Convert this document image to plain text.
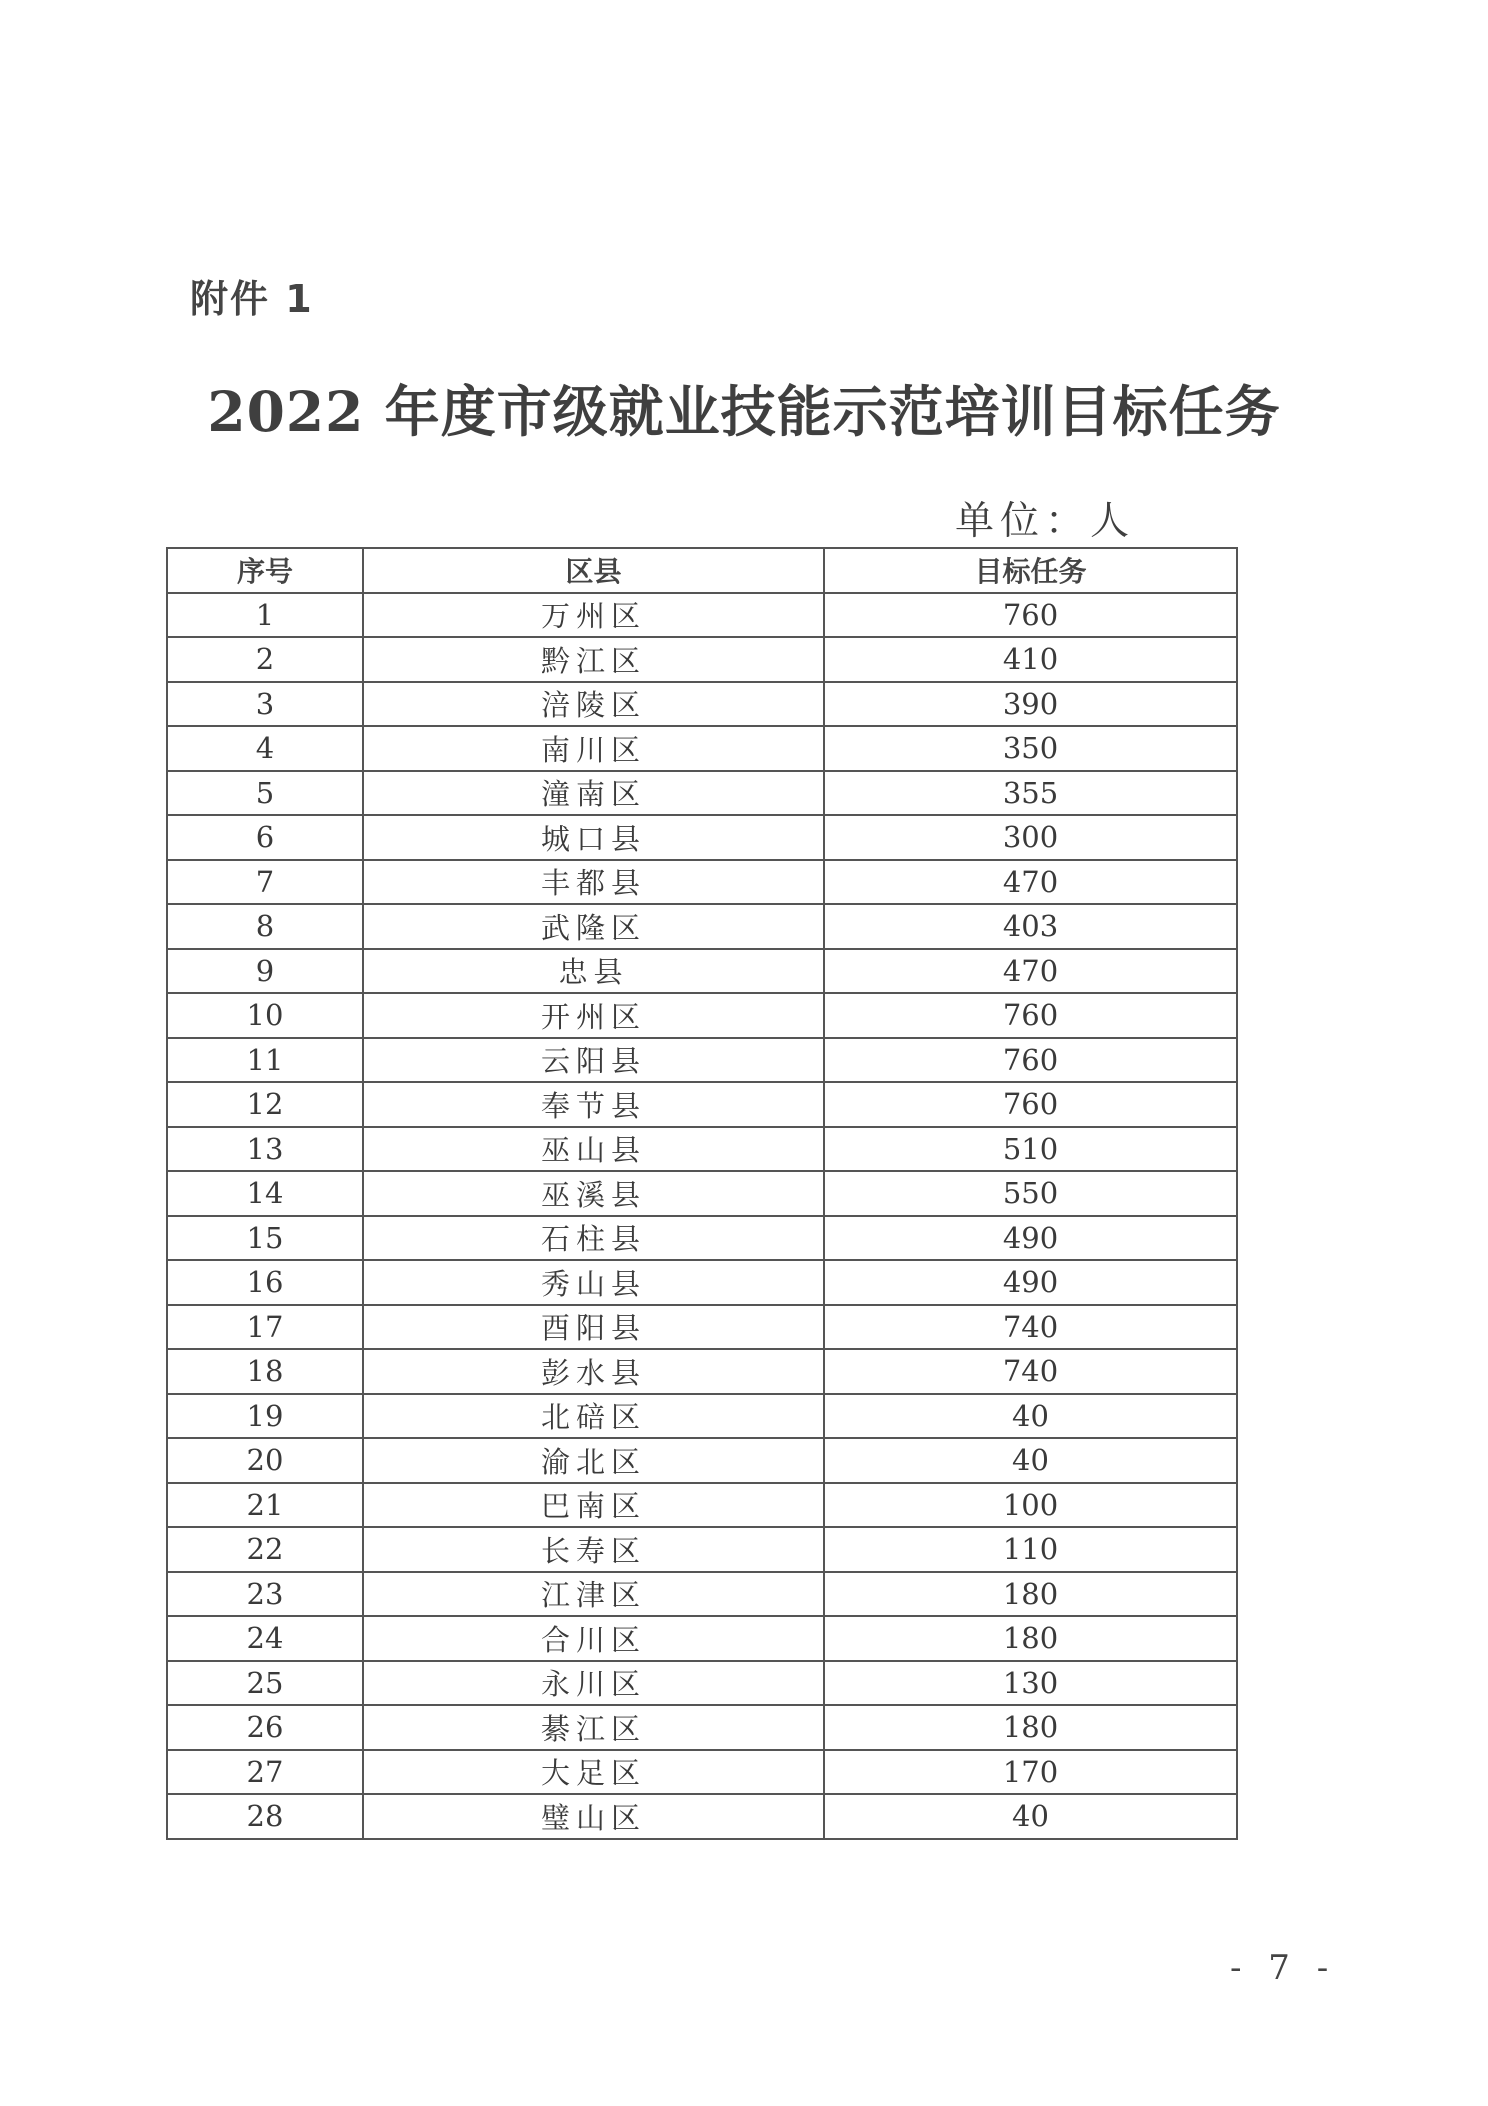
附件 1
2022 年度市级就业技能示范培训目标任务
单位：人
序号	区县	目标任务
1	万州区	760
2	黔江区	410
3	涪陵区	390
4	南川区	350
5	潼南区	355
6	城口县	300
7	丰都县	470
8	武隆区	403
9	忠县	470
10	开州区	760
11	云阳县	760
12	奉节县	760
13	巫山县	510
14	巫溪县	550
15	石柱县	490
16	秀山县	490
17	酉阳县	740
18	彭水县	740
19	北碚区	40
20	渝北区	40
21	巴南区	100
22	长寿区	110
23	江津区	180
24	合川区	180
25	永川区	130
26	綦江区	180
27	大足区	170
28	璧山区	40
- 7 -
